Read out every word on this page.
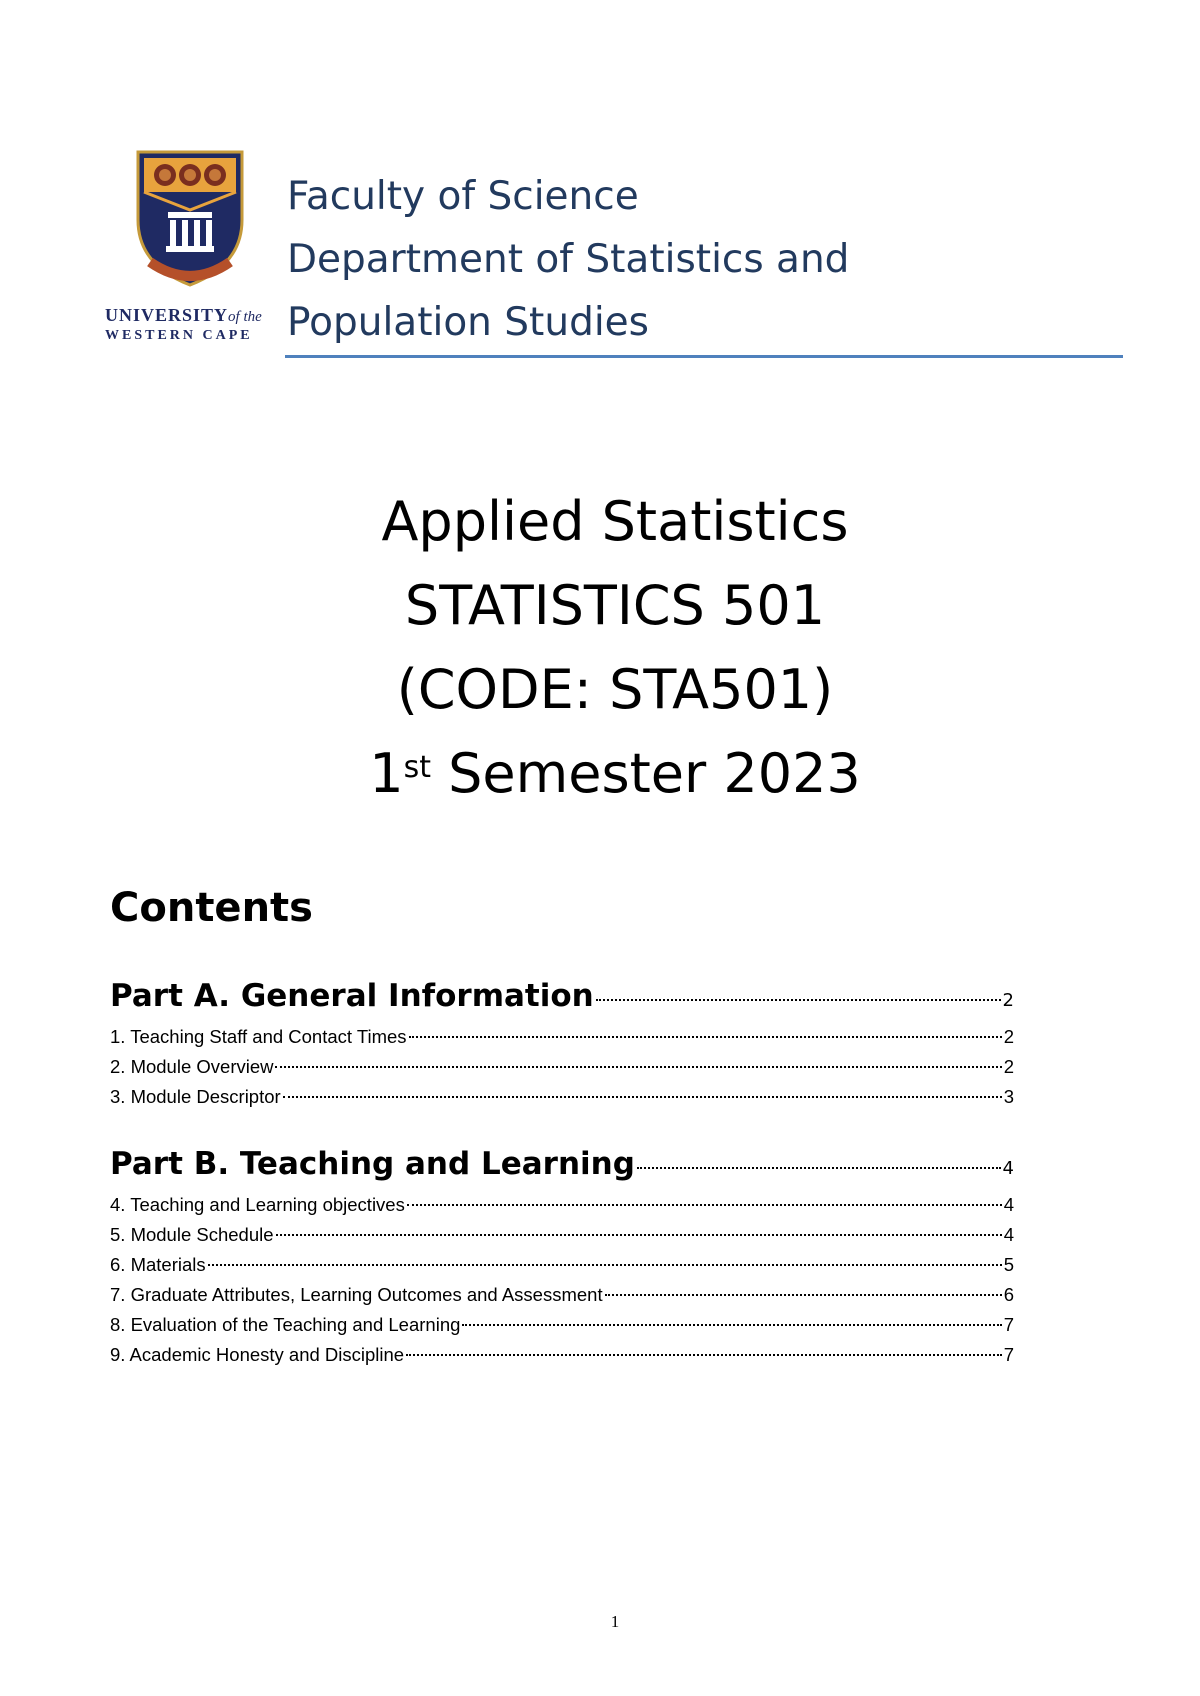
UNIVERSITYof the
WESTERN CAPE
Faculty of Science
Department of Statistics and
Population Studies
Applied Statistics
STATISTICS 501
(CODE: STA501)
1st Semester 2023
Contents
Part A. General Information	2
1. Teaching Staff and Contact Times	2
2. Module Overview	2
3. Module Descriptor	3
Part B. Teaching and Learning	4
4. Teaching and Learning objectives	4
5. Module Schedule	4
6. Materials	5
7. Graduate Attributes, Learning Outcomes and Assessment	6
8. Evaluation of the Teaching and Learning	7
9. Academic Honesty and Discipline	7
1
